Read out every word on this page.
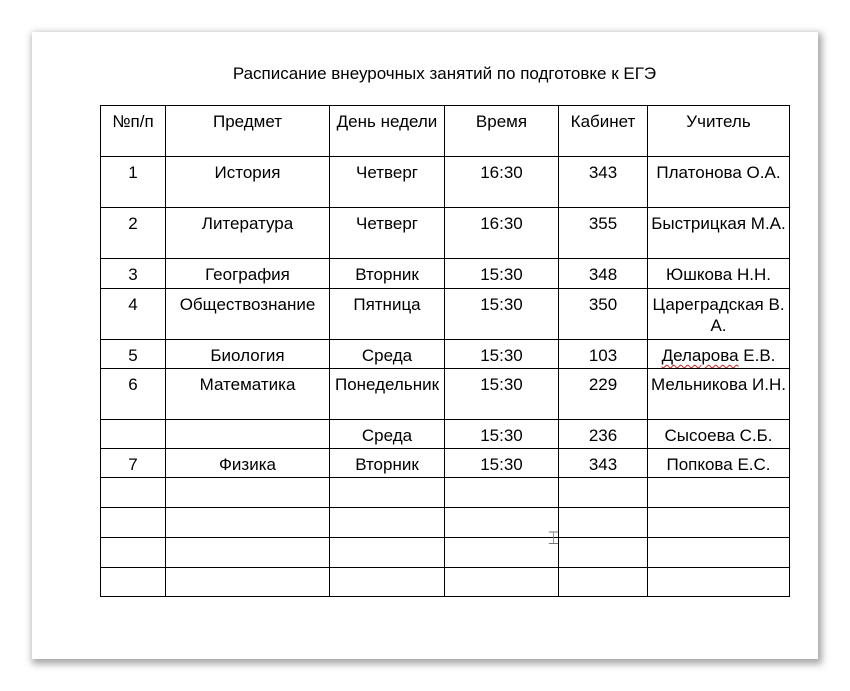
Расписание внеурочных занятий по подготовке к ЕГЭ
№п/п	Предмет	День недели	Время	Кабинет	Учитель
1	История	Четверг	16:30	343	Платонова О.А.
2	Литература	Четверг	16:30	355	Быстрицкая М.А.
3	География	Вторник	15:30	348	Юшкова Н.Н.
4	Обществознание	Пятница	15:30	350	Цареградская В.А.
5	Биология	Среда	15:30	103	Деларова Е.В.
6	Математика	Понедельник	15:30	229	Мельникова И.Н.
		Среда	15:30	236	Сысоева С.Б.
7	Физика	Вторник	15:30	343	Попкова Е.С.

⌶
